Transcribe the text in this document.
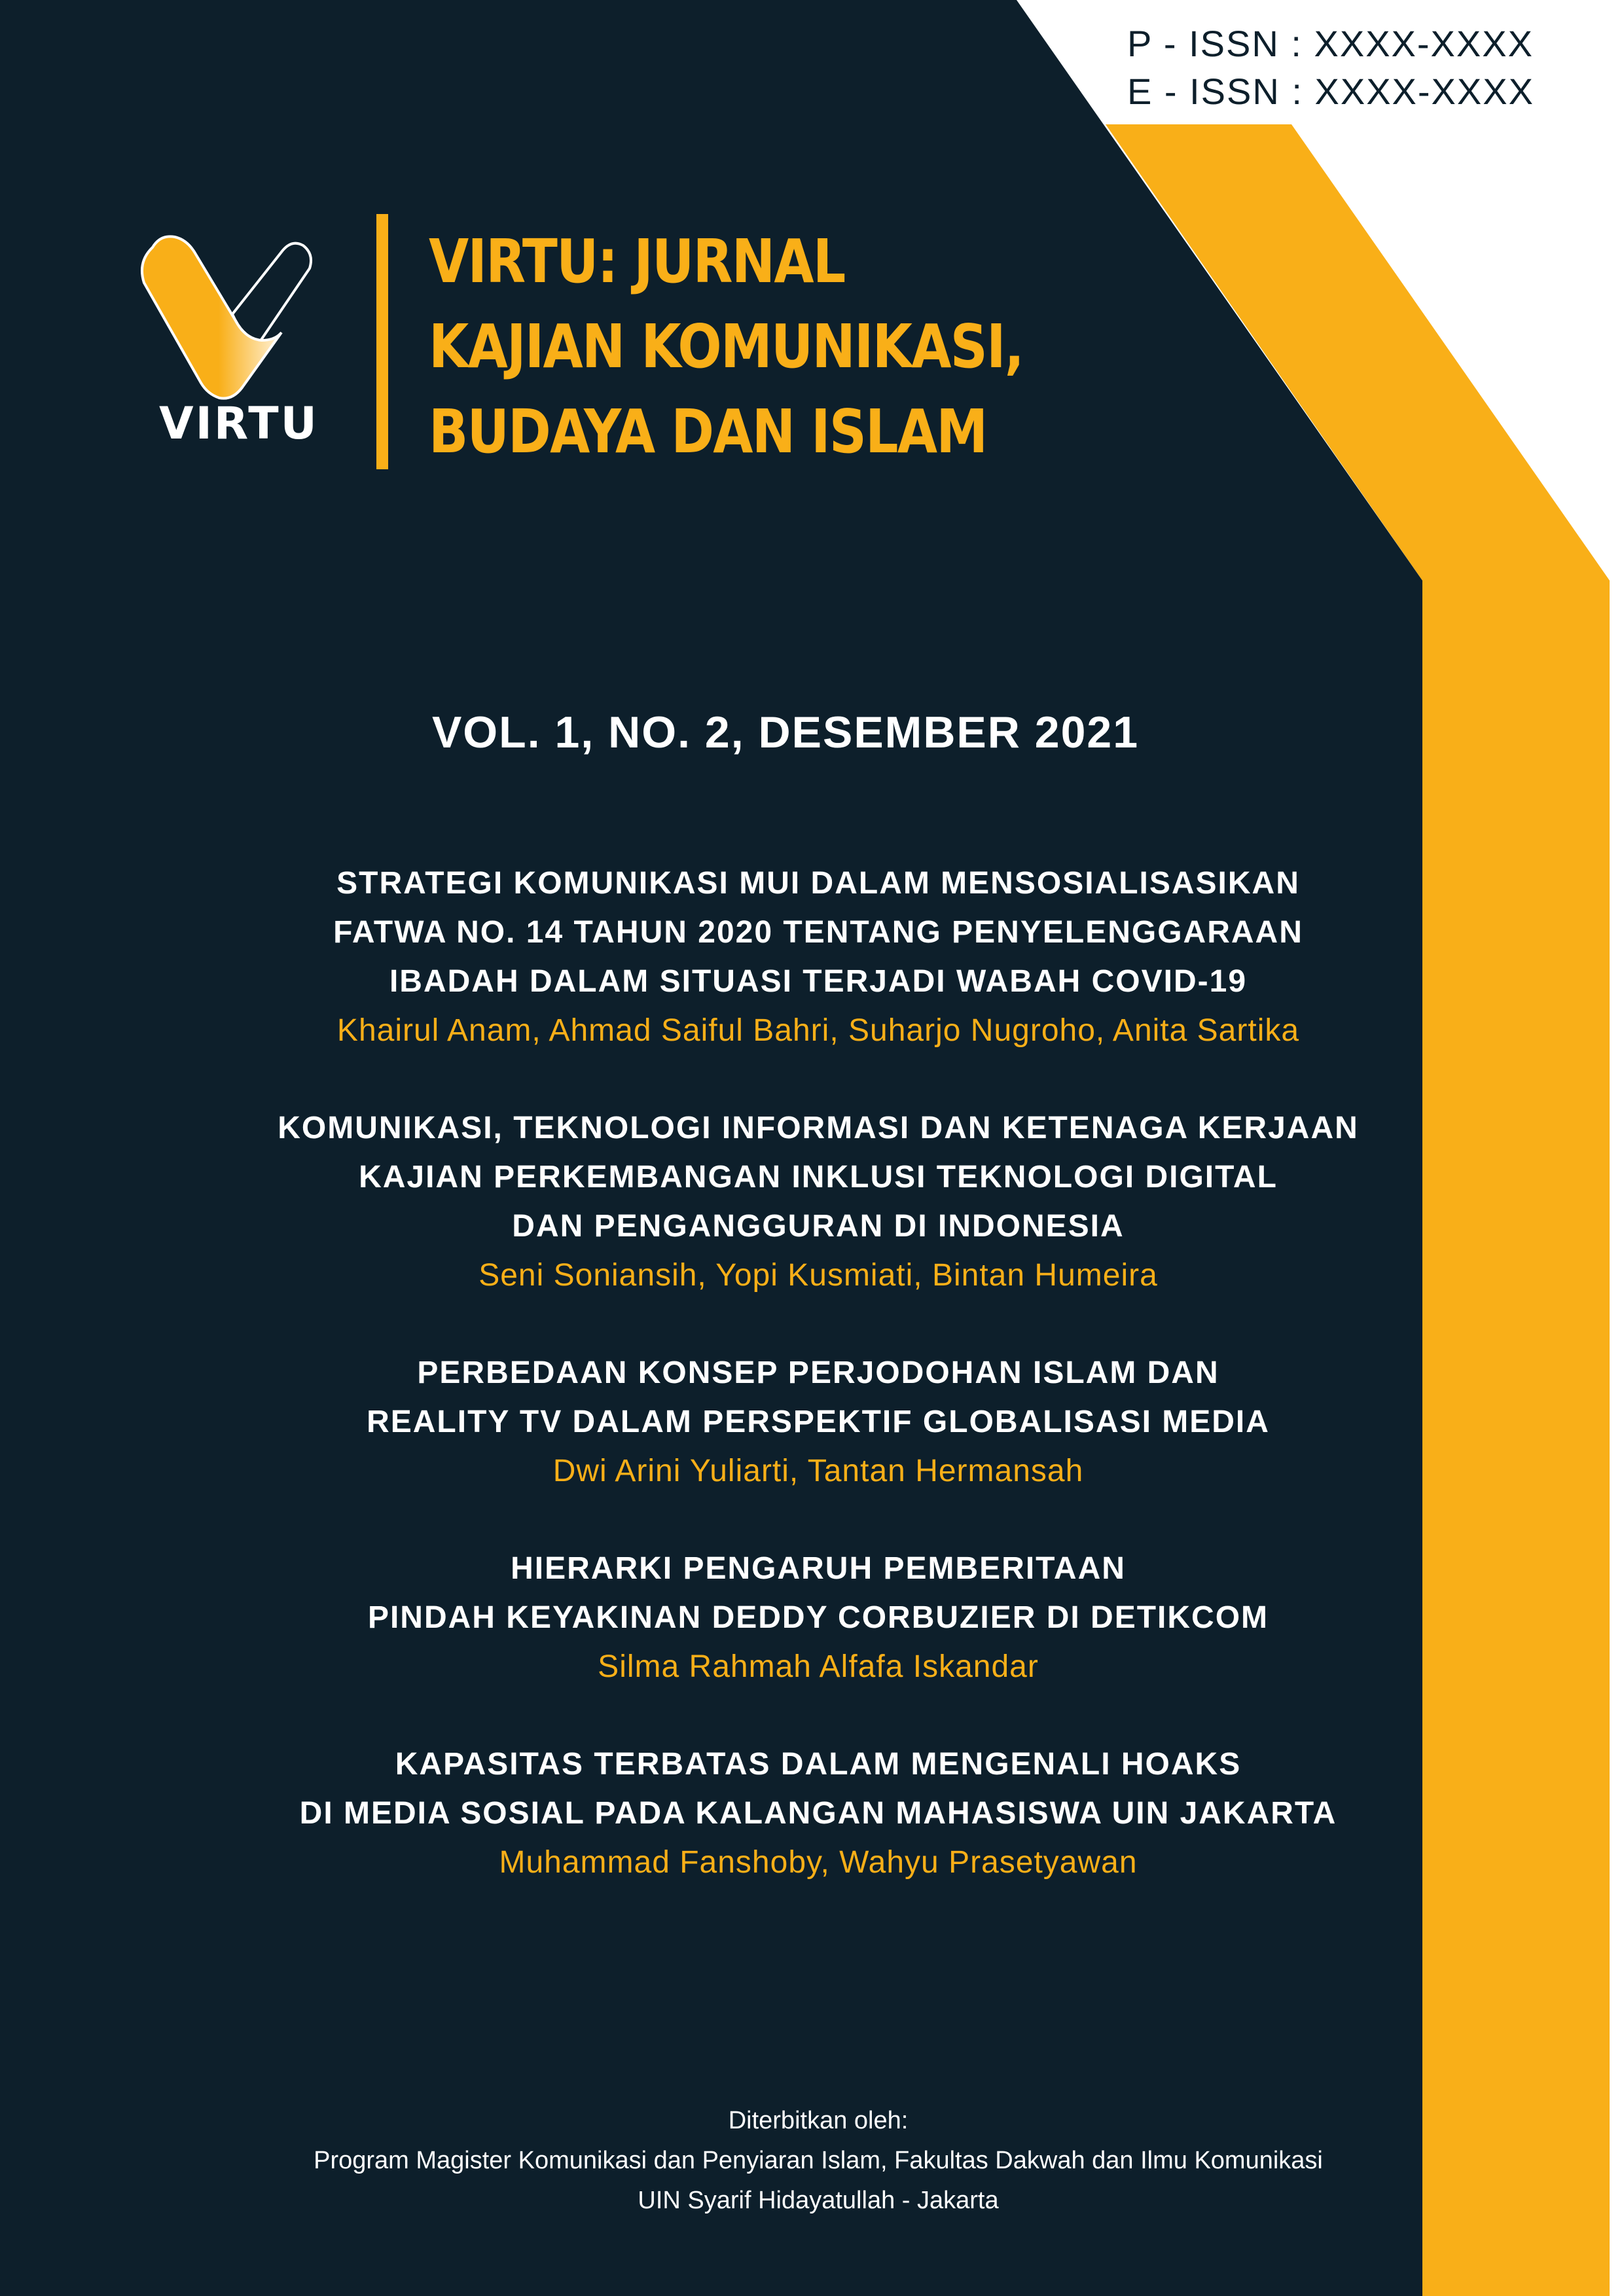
P - ISSN : XXXX-XXXX
E - ISSN : XXXX-XXXX
VIRTU
VIRTU: JURNAL
KAJIAN KOMUNIKASI,
BUDAYA DAN ISLAM
VOL. 1, NO. 2, DESEMBER 2021
STRATEGI KOMUNIKASI MUI DALAM MENSOSIALISASIKAN
FATWA NO. 14 TAHUN 2020 TENTANG PENYELENGGARAAN
IBADAH DALAM SITUASI TERJADI WABAH COVID-19
Khairul Anam, Ahmad Saiful Bahri, Suharjo Nugroho, Anita Sartika
KOMUNIKASI, TEKNOLOGI INFORMASI DAN KETENAGA KERJAAN
KAJIAN PERKEMBANGAN INKLUSI TEKNOLOGI DIGITAL
DAN PENGANGGURAN DI INDONESIA
Seni Soniansih, Yopi Kusmiati, Bintan Humeira
PERBEDAAN KONSEP PERJODOHAN ISLAM DAN
REALITY TV DALAM PERSPEKTIF GLOBALISASI MEDIA
Dwi Arini Yuliarti, Tantan Hermansah
HIERARKI PENGARUH PEMBERITAAN
PINDAH KEYAKINAN DEDDY CORBUZIER DI DETIKCOM
Silma Rahmah Alfafa Iskandar
KAPASITAS TERBATAS DALAM MENGENALI HOAKS
DI MEDIA SOSIAL PADA KALANGAN MAHASISWA UIN JAKARTA
Muhammad Fanshoby, Wahyu Prasetyawan
Diterbitkan oleh:
Program Magister Komunikasi dan Penyiaran Islam, Fakultas Dakwah dan Ilmu Komunikasi
UIN Syarif Hidayatullah - Jakarta
